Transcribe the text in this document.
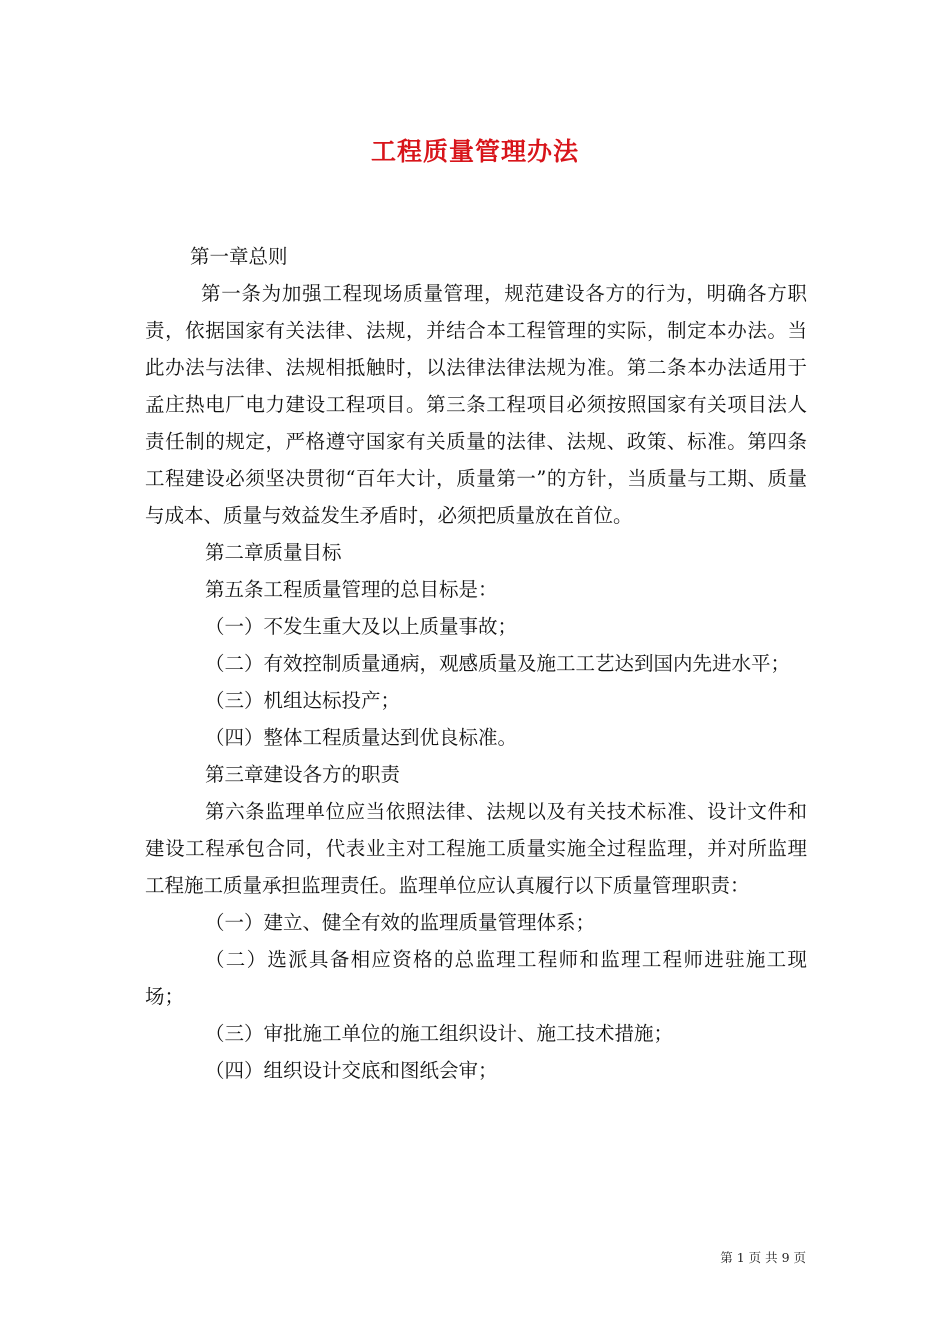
工程质量管理办法

第一章总则

第一条为加强工程现场质量管理，规范建设各方的行为，明确各方职责，依据国家有关法律、法规，并结合本工程管理的实际，制定本办法。当此办法与法律、法规相抵触时，以法律法律法规为准。第二条本办法适用于孟庄热电厂电力建设工程项目。第三条工程项目必须按照国家有关项目法人责任制的规定，严格遵守国家有关质量的法律、法规、政策、标准。第四条工程建设必须坚决贯彻“百年大计，质量第一”的方针，当质量与工期、质量与成本、质量与效益发生矛盾时，必须把质量放在首位。

第二章质量目标

第五条工程质量管理的总目标是：

（一）不发生重大及以上质量事故；

（二）有效控制质量通病，观感质量及施工工艺达到国内先进水平；

（三）机组达标投产；

（四）整体工程质量达到优良标准。

第三章建设各方的职责

第六条监理单位应当依照法律、法规以及有关技术标准、设计文件和建设工程承包合同，代表业主对工程施工质量实施全过程监理，并对所监理工程施工质量承担监理责任。监理单位应认真履行以下质量管理职责：

（一）建立、健全有效的监理质量管理体系；

（二）选派具备相应资格的总监理工程师和监理工程师进驻施工现场；

（三）审批施工单位的施工组织设计、施工技术措施；

（四）组织设计交底和图纸会审；

第 1 页 共 9 页
